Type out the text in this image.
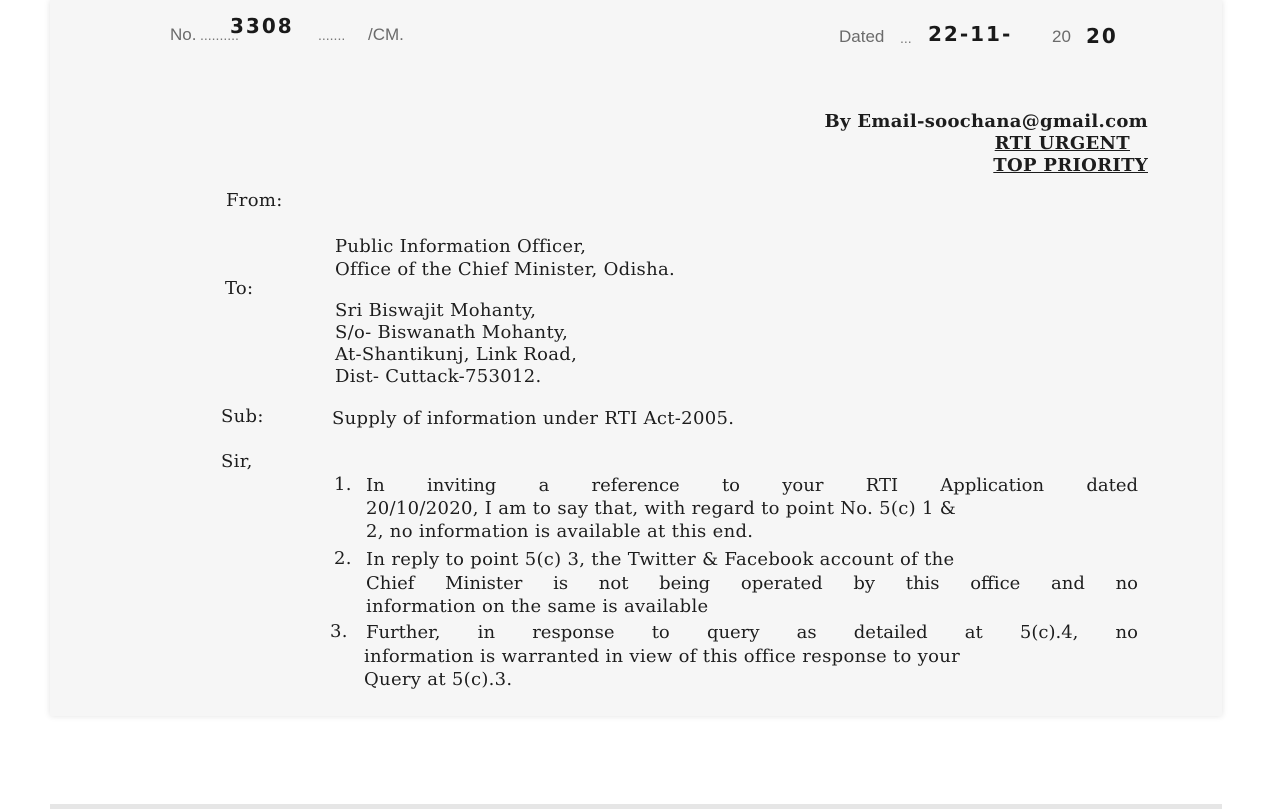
No. ..........
3308 ....... /CM.	Dated ... 22-11- 20 20
By Email-soochana@gmail.com
RTI URGENT
TOP PRIORITY
From:
Public Information Officer,
Office of the Chief Minister, Odisha.
To:
Sri Biswajit Mohanty,
S/o- Biswanath Mohanty,
At-Shantikunj, Link Road,
Dist- Cuttack-753012.
Sub:	Supply of information under RTI Act-2005.
Sir,
1. In inviting a reference to your RTI Application dated
20/10/2020, I am to say that, with regard to point No. 5(c) 1 &
2, no information is available at this end.
2. In reply to point 5(c) 3, the Twitter & Facebook account of the
Chief Minister is not being operated by this office and no
information on the same is available
3. Further, in response to query as detailed at 5(c).4, no
information is warranted in view of this office response to your
Query at 5(c).3.
